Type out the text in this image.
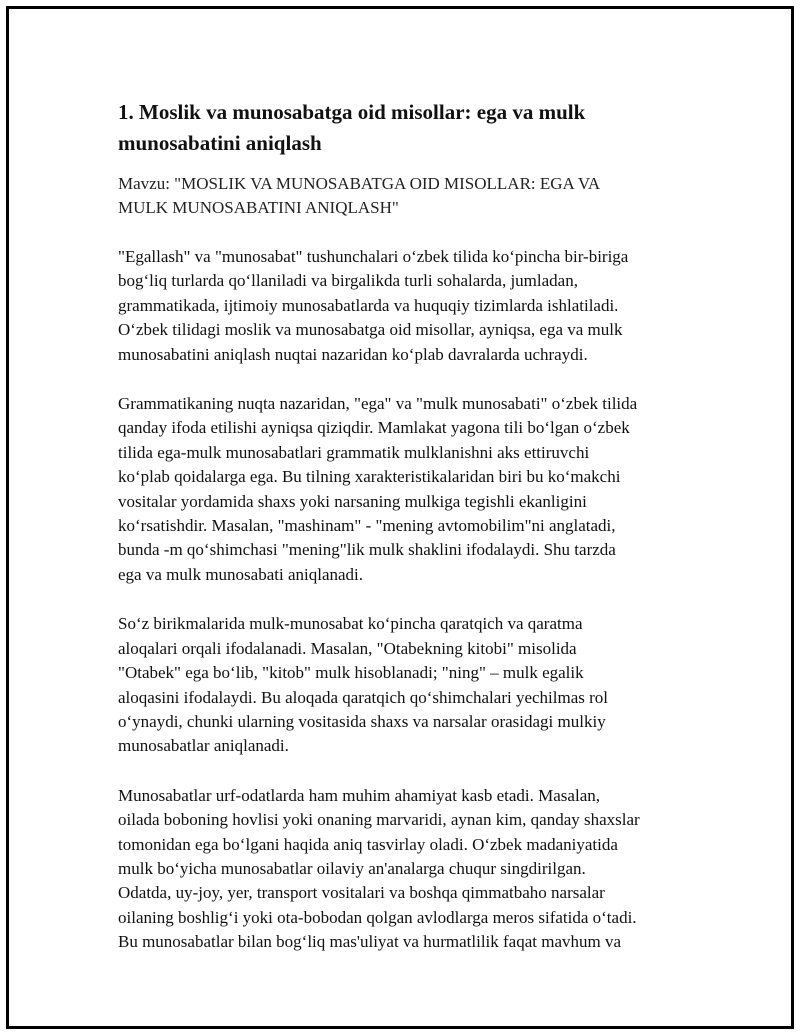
1. Moslik va munosabatga oid misollar: ega va mulk
munosabatini aniqlash

Mavzu: "MOSLIK VA MUNOSABATGA OID MISOLLAR: EGA VA
MULK MUNOSABATINI ANIQLASH"

"Egallash" va "munosabat" tushunchalari oʻzbek tilida koʻpincha bir-biriga
bogʻliq turlarda qoʻllaniladi va birgalikda turli sohalarda, jumladan,
grammatikada, ijtimoiy munosabatlarda va huquqiy tizimlarda ishlatiladi.
Oʻzbek tilidagi moslik va munosabatga oid misollar, ayniqsa, ega va mulk
munosabatini aniqlash nuqtai nazaridan koʻplab davralarda uchraydi.

Grammatikaning nuqta nazaridan, "ega" va "mulk munosabati" oʻzbek tilida
qanday ifoda etilishi ayniqsa qiziqdir. Mamlakat yagona tili boʻlgan oʻzbek
tilida ega-mulk munosabatlari grammatik mulklanishni aks ettiruvchi
koʻplab qoidalarga ega. Bu tilning xarakteristikalaridan biri bu koʻmakchi
vositalar yordamida shaxs yoki narsaning mulkiga tegishli ekanligini
koʻrsatishdir. Masalan, "mashinam" - "mening avtomobilim"ni anglatadi,
bunda -m qoʻshimchasi "mening"lik mulk shaklini ifodalaydi. Shu tarzda
ega va mulk munosabati aniqlanadi.

Soʻz birikmalarida mulk-munosabat koʻpincha qaratqich va qaratma
aloqalari orqali ifodalanadi. Masalan, "Otabekning kitobi" misolida
"Otabek" ega boʻlib, "kitob" mulk hisoblanadi; "ning" – mulk egalik
aloqasini ifodalaydi. Bu aloqada qaratqich qoʻshimchalari yechilmas rol
oʻynaydi, chunki ularning vositasida shaxs va narsalar orasidagi mulkiy
munosabatlar aniqlanadi.

Munosabatlar urf-odatlarda ham muhim ahamiyat kasb etadi. Masalan,
oilada boboning hovlisi yoki onaning marvaridi, aynan kim, qanday shaxslar
tomonidan ega boʻlgani haqida aniq tasvirlay oladi. Oʻzbek madaniyatida
mulk boʻyicha munosabatlar oilaviy an'analarga chuqur singdirilgan.
Odatda, uy-joy, yer, transport vositalari va boshqa qimmatbaho narsalar
oilaning boshligʻi yoki ota-bobodan qolgan avlodlarga meros sifatida oʻtadi.
Bu munosabatlar bilan bogʻliq mas'uliyat va hurmatlilik faqat mavhum va
